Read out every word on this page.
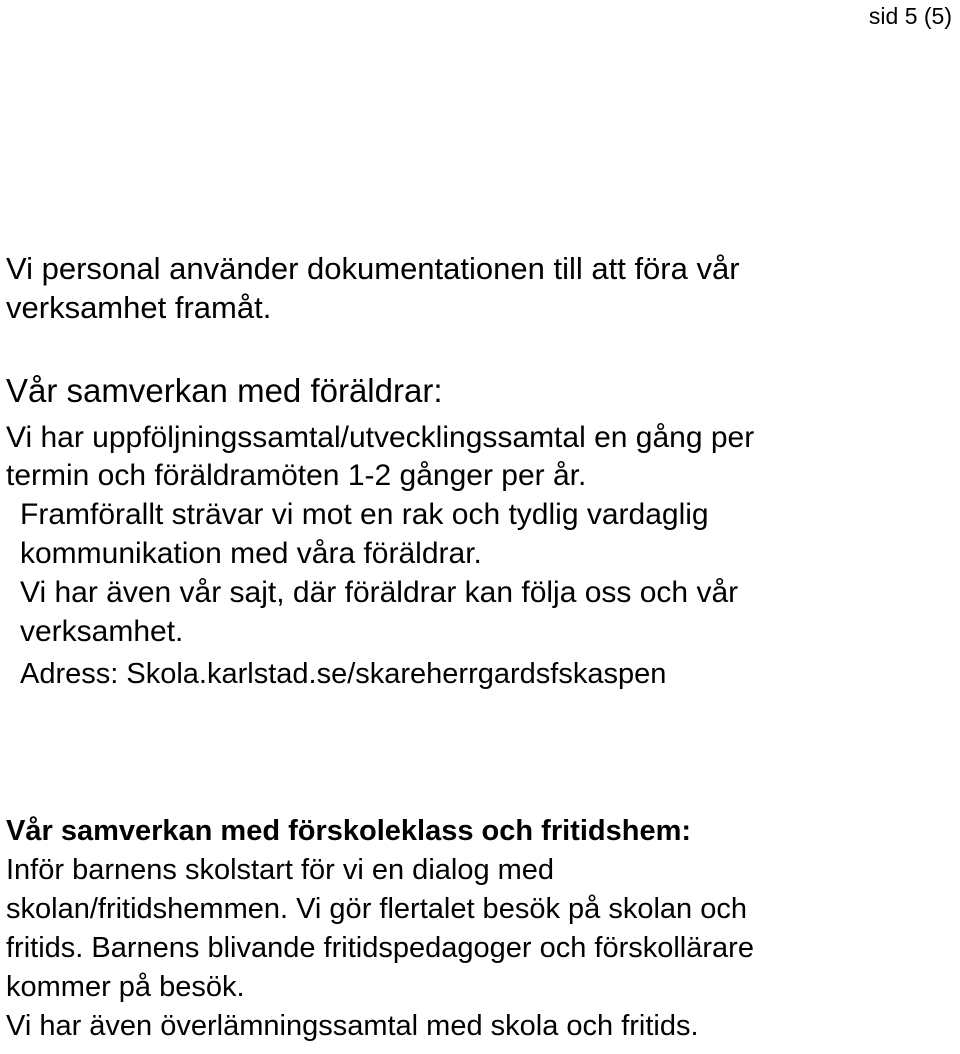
sid 5 (5)
Vi personal använder dokumentationen till att föra vår
verksamhet framåt.
Vår samverkan med föräldrar:
Vi har uppföljningssamtal/utvecklingssamtal en gång per
termin och föräldramöten 1-2 gånger per år.
Framförallt strävar vi mot en rak och tydlig vardaglig
kommunikation med våra föräldrar.
Vi har även vår sajt, där föräldrar kan följa oss och vår
verksamhet.
Adress: Skola.karlstad.se/skareherrgardsfskaspen
Vår samverkan med förskoleklass och fritidshem:
Inför barnens skolstart för vi en dialog med
skolan/fritidshemmen. Vi gör flertalet besök på skolan och
fritids. Barnens blivande fritidspedagoger och förskollärare
kommer på besök.
Vi har även överlämningssamtal med skola och fritids.
